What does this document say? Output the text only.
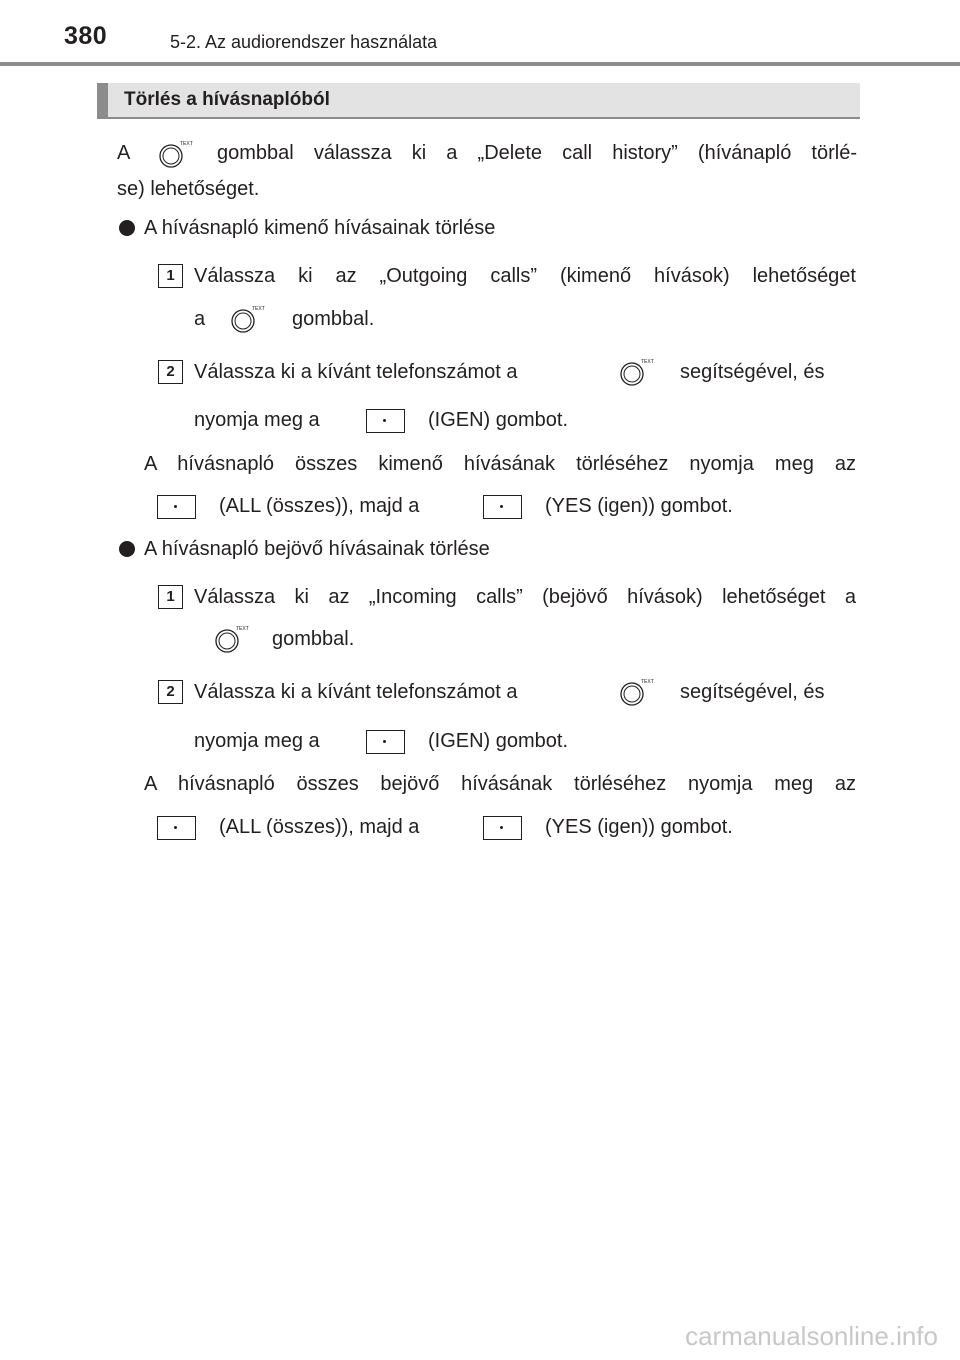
380	5-2. Az audiorendszer használata
Törlés a hívásnaplóból
A	TEXT gombbal válassza ki a „Delete call history” (hívánapló törlé-
se) lehetőséget.
A hívásnapló kimenő hívásainak törlése
1 Válassza ki az „Outgoing calls” (kimenő hívások) lehetőséget
a	TEXT gombbal.
2 Válassza ki a kívánt telefonszámot a	TEXT segítségével, és
nyomja meg a	(IGEN) gombot.
A hívásnapló összes kimenő hívásának törléséhez nyomja meg az
(ALL (összes)), majd a	(YES (igen)) gombot.
A hívásnapló bejövő hívásainak törlése
1 Válassza ki az „Incoming calls” (bejövő hívások) lehetőséget a
TEXT gombbal.
2 Válassza ki a kívánt telefonszámot a	TEXT segítségével, és
nyomja meg a	(IGEN) gombot.
A hívásnapló összes bejövő hívásának törléséhez nyomja meg az
(ALL (összes)), majd a	(YES (igen)) gombot.
carmanualsonline.info
